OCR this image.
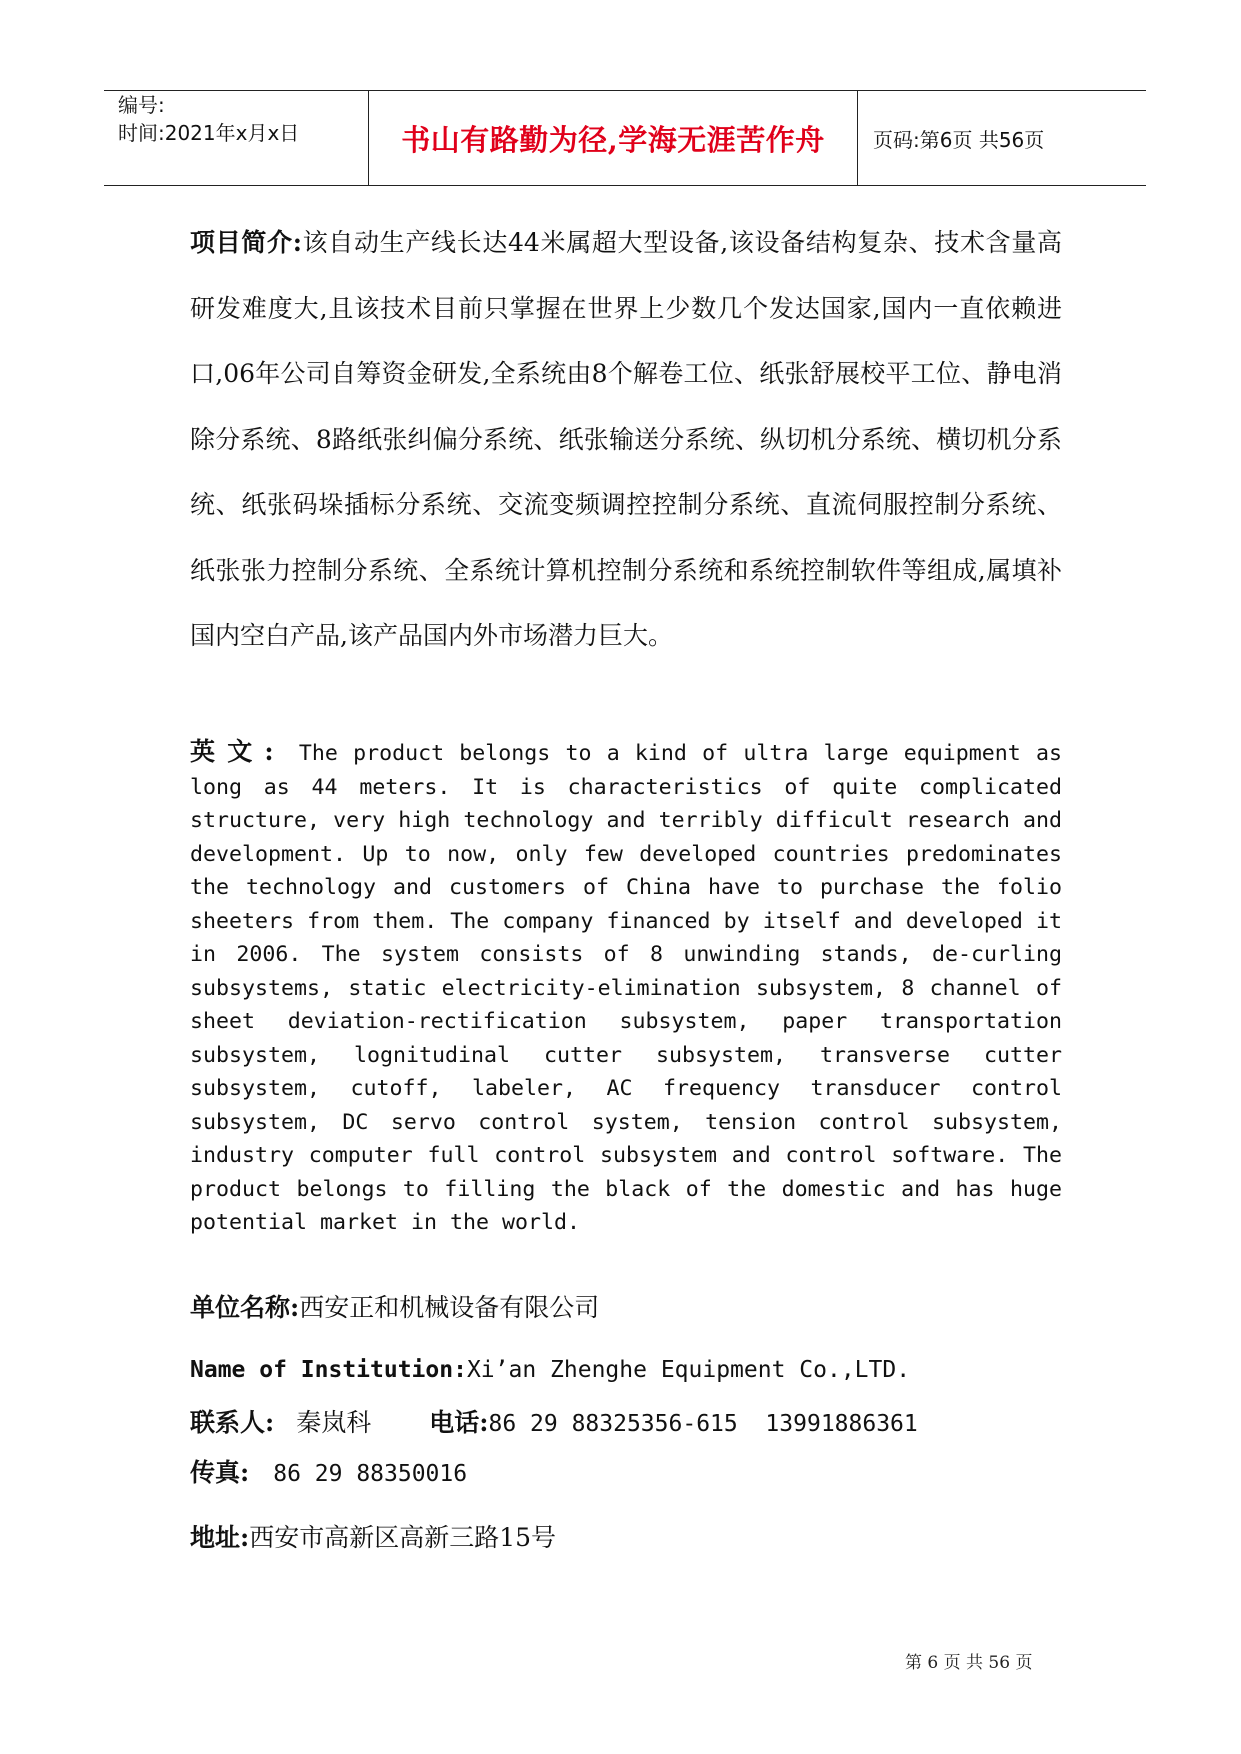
编号:
时间:2021年x月x日	书山有路勤为径,学海无涯苦作舟	页码:第6页 共56页

项目简介:该自动生产线长达44米属超大型设备,该设备结构复杂、技术含量高研发难度大,且该技术目前只掌握在世界上少数几个发达国家,国内一直依赖进口,06年公司自筹资金研发,全系统由8个解卷工位、纸张舒展校平工位、静电消除分系统、8路纸张纠偏分系统、纸张输送分系统、纵切机分系统、横切机分系统、纸张码垛插标分系统、交流变频调控控制分系统、直流伺服控制分系统、纸张张力控制分系统、全系统计算机控制分系统和系统控制软件等组成,属填补国内空白产品,该产品国内外市场潜力巨大。

英文: The product belongs to a kind of ultra large equipment as long as 44 meters. It is characteristics of quite complicated structure, very high technology and terribly difficult research and development. Up to now, only few developed countries predominates the technology and customers of China have to purchase the folio sheeters from them. The company financed by itself and developed it in 2006. The system consists of 8 unwinding stands, de-curling subsystems, static electricity-elimination subsystem, 8 channel of sheet deviation-rectification subsystem, paper transportation subsystem, lognitudinal cutter subsystem, transverse cutter subsystem, cutoff, labeler, AC frequency transducer control subsystem, DC servo control system, tension control subsystem, industry computer full control subsystem and control software. The product belongs to filling the black of the domestic and has huge potential market in the world.

单位名称:西安正和机械设备有限公司
Name of Institution:Xi’an Zhenghe Equipment Co.,LTD.
联系人: 秦岚科 电话:86 29 88325356-615  13991886361
传真: 86 29 88350016
地址:西安市高新区高新三路15号
第 6 页 共 56 页
